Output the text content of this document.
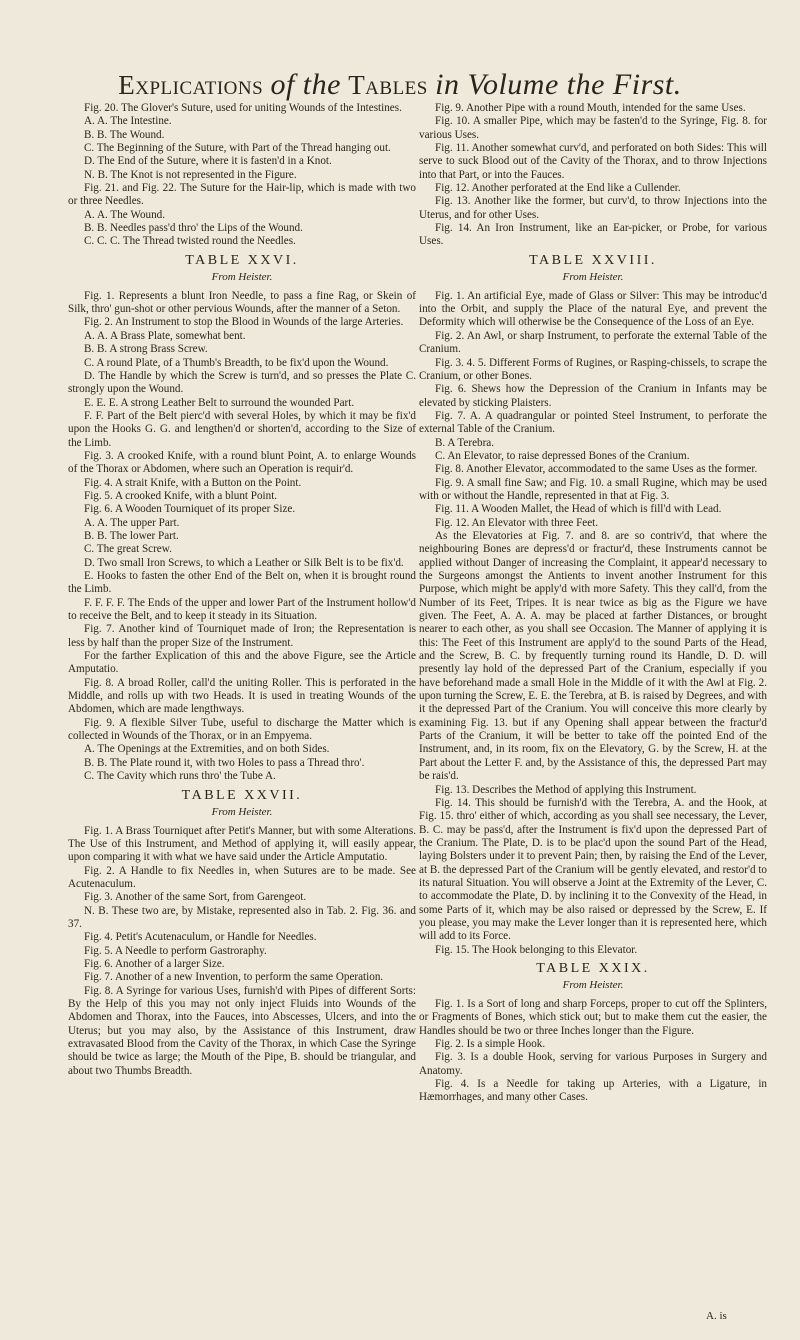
Explications of the Tables in Volume the First.

Fig. 20. The Glover's Suture, used for uniting Wounds of the Intestines.

A. A. The Intestine.

B. B. The Wound.

C. The Beginning of the Suture, with Part of the Thread hanging out.

D. The End of the Suture, where it is fasten'd in a Knot.

N. B. The Knot is not represented in the Figure.

Fig. 21. and Fig. 22. The Suture for the Hair-lip, which is made with two or three Needles.

A. A. The Wound.

B. B. Needles pass'd thro' the Lips of the Wound.

C. C. C. The Thread twisted round the Needles.

TABLE XXVI.
From Heister.

Fig. 1. Represents a blunt Iron Needle, to pass a fine Rag, or Skein of Silk, thro' gun-shot or other pervious Wounds, after the manner of a Seton.

Fig. 2. An Instrument to stop the Blood in Wounds of the large Arteries.

A. A. A Brass Plate, somewhat bent.

B. B. A strong Brass Screw.

C. A round Plate, of a Thumb's Breadth, to be fix'd upon the Wound.

D. The Handle by which the Screw is turn'd, and so presses the Plate C. strongly upon the Wound.

E. E. E. A strong Leather Belt to surround the wounded Part.

F. F. Part of the Belt pierc'd with several Holes, by which it may be fix'd upon the Hooks G. G. and lengthen'd or shorten'd, according to the Size of the Limb.

Fig. 3. A crooked Knife, with a round blunt Point, A. to enlarge Wounds of the Thorax or Abdomen, where such an Operation is requir'd.

Fig. 4. A strait Knife, with a Button on the Point.

Fig. 5. A crooked Knife, with a blunt Point.

Fig. 6. A Wooden Tourniquet of its proper Size.

A. A. The upper Part.

B. B. The lower Part.

C. The great Screw.

D. Two small Iron Screws, to which a Leather or Silk Belt is to be fix'd.

E. Hooks to fasten the other End of the Belt on, when it is brought round the Limb.

F. F. F. F. The Ends of the upper and lower Part of the Instrument hollow'd to receive the Belt, and to keep it steady in its Situation.

Fig. 7. Another kind of Tourniquet made of Iron; the Representation is less by half than the proper Size of the Instrument.

For the farther Explication of this and the above Figure, see the Article Amputatio.

Fig. 8. A broad Roller, call'd the uniting Roller. This is perforated in the Middle, and rolls up with two Heads. It is used in treating Wounds of the Abdomen, which are made lengthways.

Fig. 9. A flexible Silver Tube, useful to discharge the Matter which is collected in Wounds of the Thorax, or in an Empyema.

A. The Openings at the Extremities, and on both Sides.

B. B. The Plate round it, with two Holes to pass a Thread thro'.

C. The Cavity which runs thro' the Tube A.

TABLE XXVII.
From Heister.

Fig. 1. A Brass Tourniquet after Petit's Manner, but with some Alterations. The Use of this Instrument, and Method of applying it, will easily appear, upon comparing it with what we have said under the Article Amputatio.

Fig. 2. A Handle to fix Needles in, when Sutures are to be made. See Acutenaculum.

Fig. 3. Another of the same Sort, from Garengeot.

N. B. These two are, by Mistake, represented also in Tab. 2. Fig. 36. and 37.

Fig. 4. Petit's Acutenaculum, or Handle for Needles.

Fig. 5. A Needle to perform Gastroraphy.

Fig. 6. Another of a larger Size.

Fig. 7. Another of a new Invention, to perform the same Operation.

Fig. 8. A Syringe for various Uses, furnish'd with Pipes of different Sorts: By the Help of this you may not only inject Fluids into Wounds of the Abdomen and Thorax, into the Fauces, into Abscesses, Ulcers, and into the Uterus; but you may also, by the Assistance of this Instrument, draw extravasated Blood from the Cavity of the Thorax, in which Case the Syringe should be twice as large; the Mouth of the Pipe, B. should be triangular, and about two Thumbs Breadth.

Fig. 9. Another Pipe with a round Mouth, intended for the same Uses.

Fig. 10. A smaller Pipe, which may be fasten'd to the Syringe, Fig. 8. for various Uses.

Fig. 11. Another somewhat curv'd, and perforated on both Sides: This will serve to suck Blood out of the Cavity of the Thorax, and to throw Injections into that Part, or into the Fauces.

Fig. 12. Another perforated at the End like a Cullender.

Fig. 13. Another like the former, but curv'd, to throw Injections into the Uterus, and for other Uses.

Fig. 14. An Iron Instrument, like an Ear-picker, or Probe, for various Uses.

TABLE XXVIII.
From Heister.

Fig. 1. An artificial Eye, made of Glass or Silver: This may be introduc'd into the Orbit, and supply the Place of the natural Eye, and prevent the Deformity which will otherwise be the Consequence of the Loss of an Eye.

Fig. 2. An Awl, or sharp Instrument, to perforate the external Table of the Cranium.

Fig. 3. 4. 5. Different Forms of Rugines, or Rasping-chissels, to scrape the Cranium, or other Bones.

Fig. 6. Shews how the Depression of the Cranium in Infants may be elevated by sticking Plaisters.

Fig. 7. A. A quadrangular or pointed Steel Instrument, to perforate the external Table of the Cranium.

B. A Terebra.

C. An Elevator, to raise depressed Bones of the Cranium.

Fig. 8. Another Elevator, accommodated to the same Uses as the former.

Fig. 9. A small fine Saw; and Fig. 10. a small Rugine, which may be used with or without the Handle, represented in that at Fig. 3.

Fig. 11. A Wooden Mallet, the Head of which is fill'd with Lead.

Fig. 12. An Elevator with three Feet.

As the Elevatories at Fig. 7. and 8. are so contriv'd, that where the neighbouring Bones are depress'd or fractur'd, these Instruments cannot be applied without Danger of increasing the Complaint, it appear'd necessary to the Surgeons amongst the Antients to invent another Instrument for this Purpose, which might be apply'd with more Safety. This they call'd, from the Number of its Feet, Tripes. It is near twice as big as the Figure we have given. The Feet, A. A. A. may be placed at farther Distances, or brought nearer to each other, as you shall see Occasion. The Manner of applying it is this: The Feet of this Instrument are apply'd to the sound Parts of the Head, and the Screw, B. C. by frequently turning round its Handle, D. D. will presently lay hold of the depressed Part of the Cranium, especially if you have beforehand made a small Hole in the Middle of it with the Awl at Fig. 2. upon turning the Screw, E. E. the Terebra, at B. is raised by Degrees, and with it the depressed Part of the Cranium. You will conceive this more clearly by examining Fig. 13. but if any Opening shall appear between the fractur'd Parts of the Cranium, it will be better to take off the pointed End of the Instrument, and, in its room, fix on the Elevatory, G. by the Screw, H. at the Part about the Letter F. and, by the Assistance of this, the depressed Part may be rais'd.

Fig. 13. Describes the Method of applying this Instrument.

Fig. 14. This should be furnish'd with the Terebra, A. and the Hook, at Fig. 15. thro' either of which, according as you shall see necessary, the Lever, B. C. may be pass'd, after the Instrument is fix'd upon the depressed Part of the Cranium. The Plate, D. is to be plac'd upon the sound Part of the Head, laying Bolsters under it to prevent Pain; then, by raising the End of the Lever, at B. the depressed Part of the Cranium will be gently elevated, and restor'd to its natural Situation. You will observe a Joint at the Extremity of the Lever, C. to accommodate the Plate, D. by inclining it to the Convexity of the Head, in some Parts of it, which may be also raised or depressed by the Screw, E. If you please, you may make the Lever longer than it is represented here, which will add to its Force.

Fig. 15. The Hook belonging to this Elevator.

TABLE XXIX.
From Heister.

Fig. 1. Is a Sort of long and sharp Forceps, proper to cut off the Splinters, or Fragments of Bones, which stick out; but to make them cut the easier, the Handles should be two or three Inches longer than the Figure.

Fig. 2. Is a simple Hook.

Fig. 3. Is a double Hook, serving for various Purposes in Surgery and Anatomy.

Fig. 4. Is a Needle for taking up Arteries, with a Ligature, in Hæmorrhages, and many other Cases.

A. is
